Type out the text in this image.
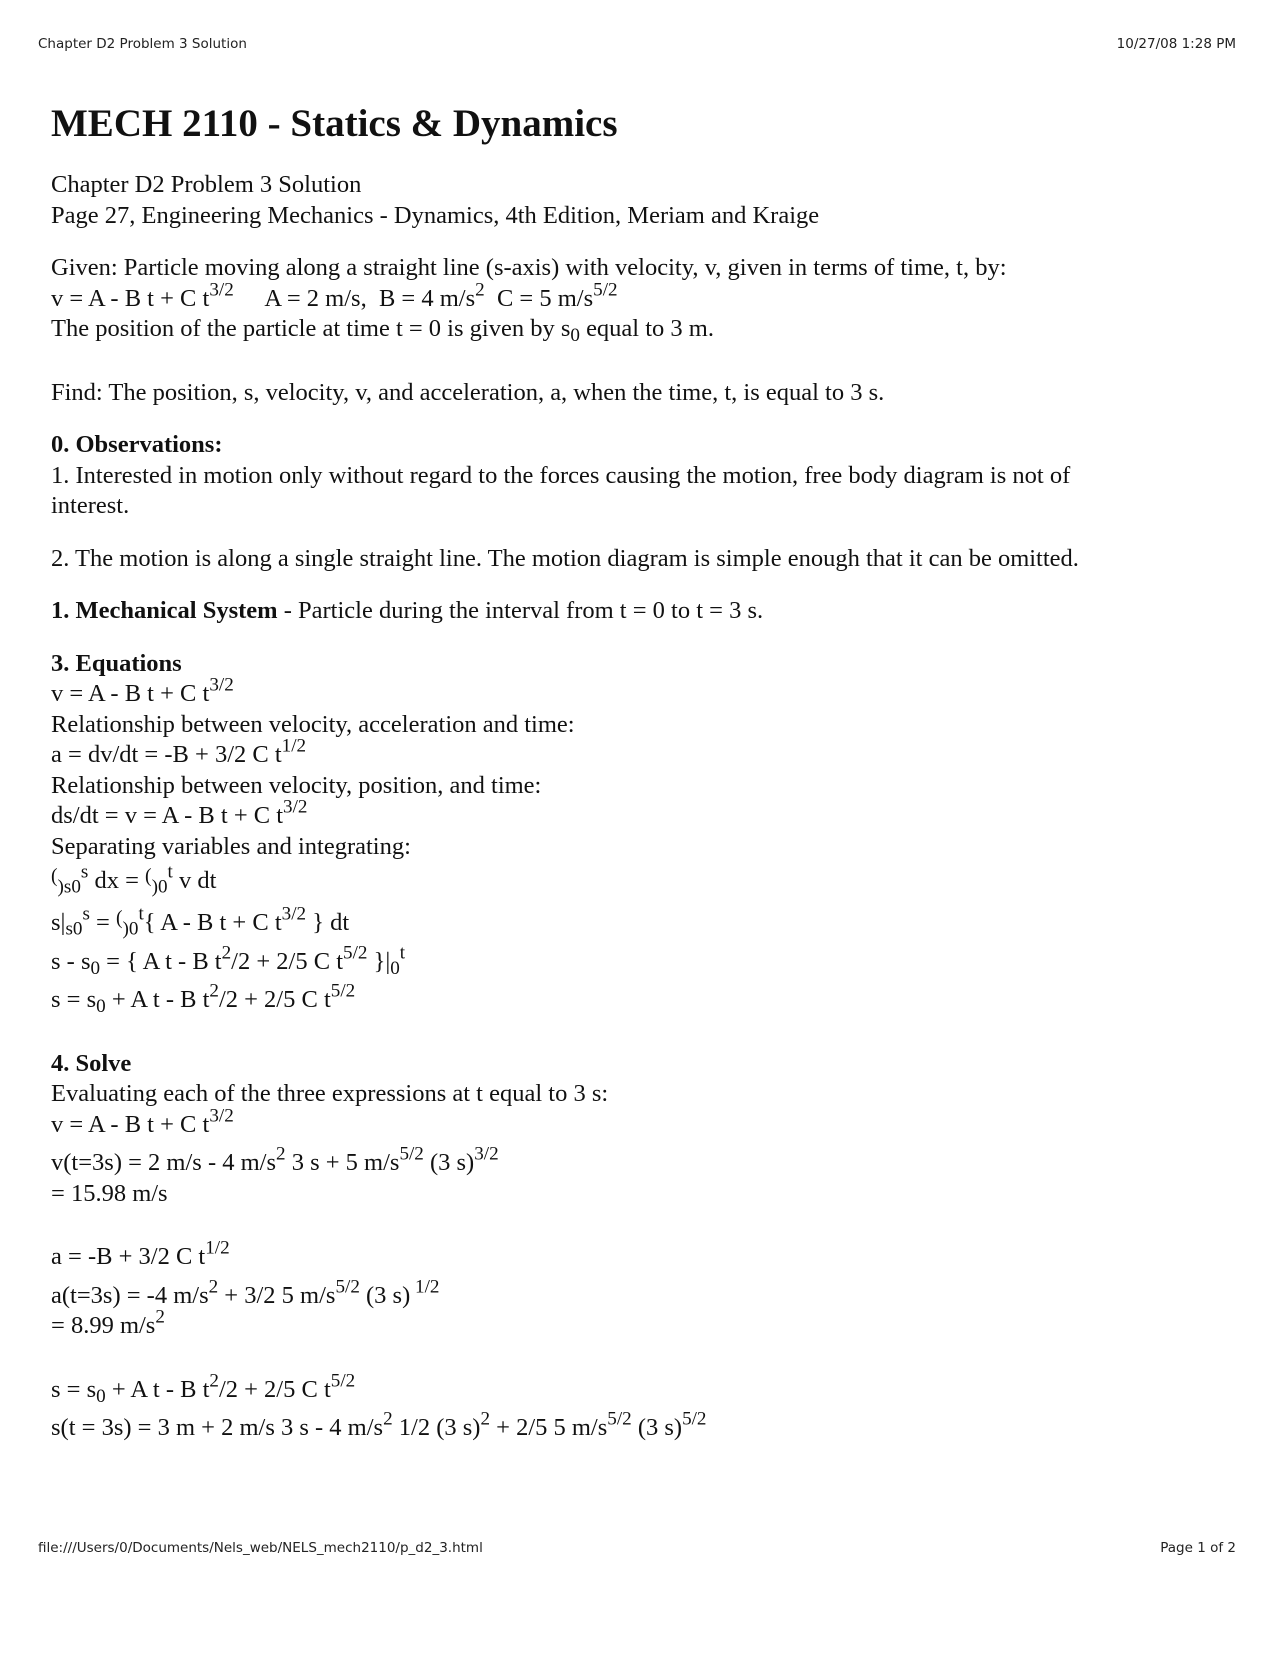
Chapter D2 Problem 3 Solution	10/27/08 1:28 PM
MECH 2110 - Statics & Dynamics
Chapter D2 Problem 3 Solution
Page 27, Engineering Mechanics - Dynamics, 4th Edition, Meriam and Kraige
Given: Particle moving along a straight line (s-axis) with velocity, v, given in terms of time, t, by:
v = A - B t + C $t^{3/2}$ A = 2 m/s, B = 4 $m/s^2$ C = 5 $m/s^{5/2}$
The position of the particle at time t = 0 is given by $s_0$ equal to 3 m.
Find: The position, s, velocity, v, and acceleration, a, when the time, t, is equal to 3 s.
0. Observations:
1. Interested in motion only without regard to the forces causing the motion, free body diagram is not of interest.
2. The motion is along a single straight line. The motion diagram is simple enough that it can be omitted.
1. Mechanical System - Particle during the interval from t = 0 to t = 3 s.
3. Equations
v = A - B t + C $t^{3/2}$
Relationship between velocity, acceleration and time:
a = dv/dt = -B + 3/2 C $t^{1/2}$
Relationship between velocity, position, and time:
ds/dt = v = A - B t + C $t^{3/2}$
Separating variables and integrating:
($_{)s0}^s$ dx = ($_{)0}^t$ v dt
$s|_{s0}^s = ^(_{)0}^t${ A - B t + C $t^{3/2}$ } dt
s - $s_0$ = { A t - B $t^2/2 + 2/5$ C $t^{5/2}$ }$|_0^t$
$s = s_0 + A$ t - B $t^2/2 + 2/5$ C $t^{5/2}$
4. Solve
Evaluating each of the three expressions at t equal to 3 s:
v = A - B t + C $t^{3/2}$
v(t=3s) = 2 m/s - 4 $m/s^2$ 3 s + 5 $m/s^{5/2}$ (3 s)$^{3/2}$
= 15.98 m/s
a = -B + 3/2 C $t^{1/2}$
a(t=3s) = -4 $m/s^2 + 3/2$ 5 $m/s^{5/2}$ (3 s) $^{1/2}$
= 8.99 $m/s^2$
$s = s_0 + A$ t - B $t^2/2 + 2/5$ C $t^{5/2}$
s(t = 3s) = 3 m + 2 m/s 3 s - 4 $m/s^2$ 1/2 (3 s)$^2$ + 2/5 5 $m/s^{5/2}$ (3 s)$^{5/2}$
file:///Users/0/Documents/Nels_web/NELS_mech2110/p_d2_3.html	Page 1 of 2
